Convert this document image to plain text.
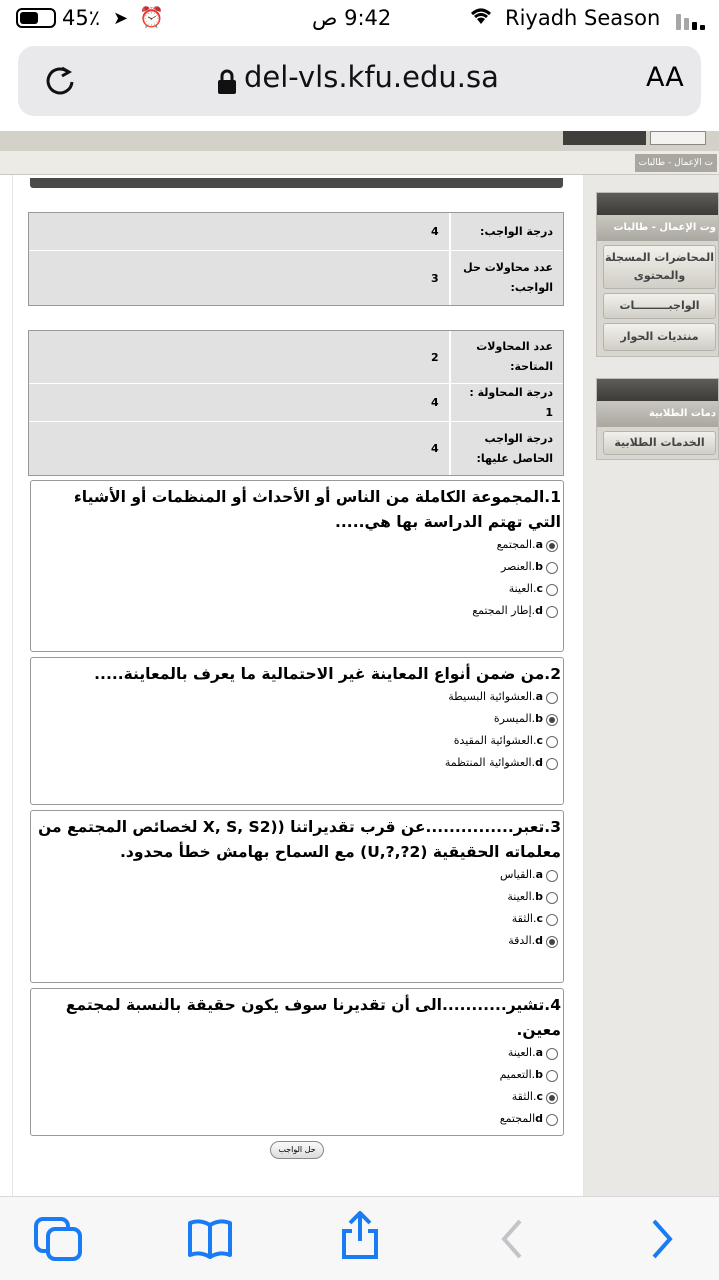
45٪ ➤ ⏰	9:42 ص	Riyadh Season
del-vls.kfu.edu.sa	AA
ت الإعمال - طالبات
درجة الواجب:
4
عدد محاولات حل الواجب:
3
عدد المحاولات المتاحة:
2
درجة المحاولة : 1
4
درجة الواجب الحاصل عليها:
4
1.المجموعة الكاملة من الناس أو الأحداث أو المنظمات أو الأشياء التي تهتم الدراسة بها هي.....
a.المجتمع
b.العنصر
c.العينة
d.إطار المجتمع
2.من ضمن أنواع المعاينة غير الاحتمالية ما يعرف بالمعاينة.....
a.العشوائية البسيطة
b.الميسرة
c.العشوائية المقيدة
d.العشوائية المنتظمة
3.تعبر...............عن قرب تقديراتنا ((X, S, S2 لخصائص المجتمع من معلماته الحقيقية (U,?,?2) مع السماح بهامش خطأ محدود.
a.القياس
b.العينة
c.الثقة
d.الدقة
4.تشير...........الى أن تقديرنا سوف يكون حقيقة بالنسبة لمجتمع معين.
a.العينة
b.التعميم
c.الثقة
dالمجتمع
حل الواجب
وت الإعمال - طالبات
المحاضرات المسجلة والمحتوى
الواجبـــــــــات
منتديات الحوار
دمات الطلابية
الخدمات الطلابية
